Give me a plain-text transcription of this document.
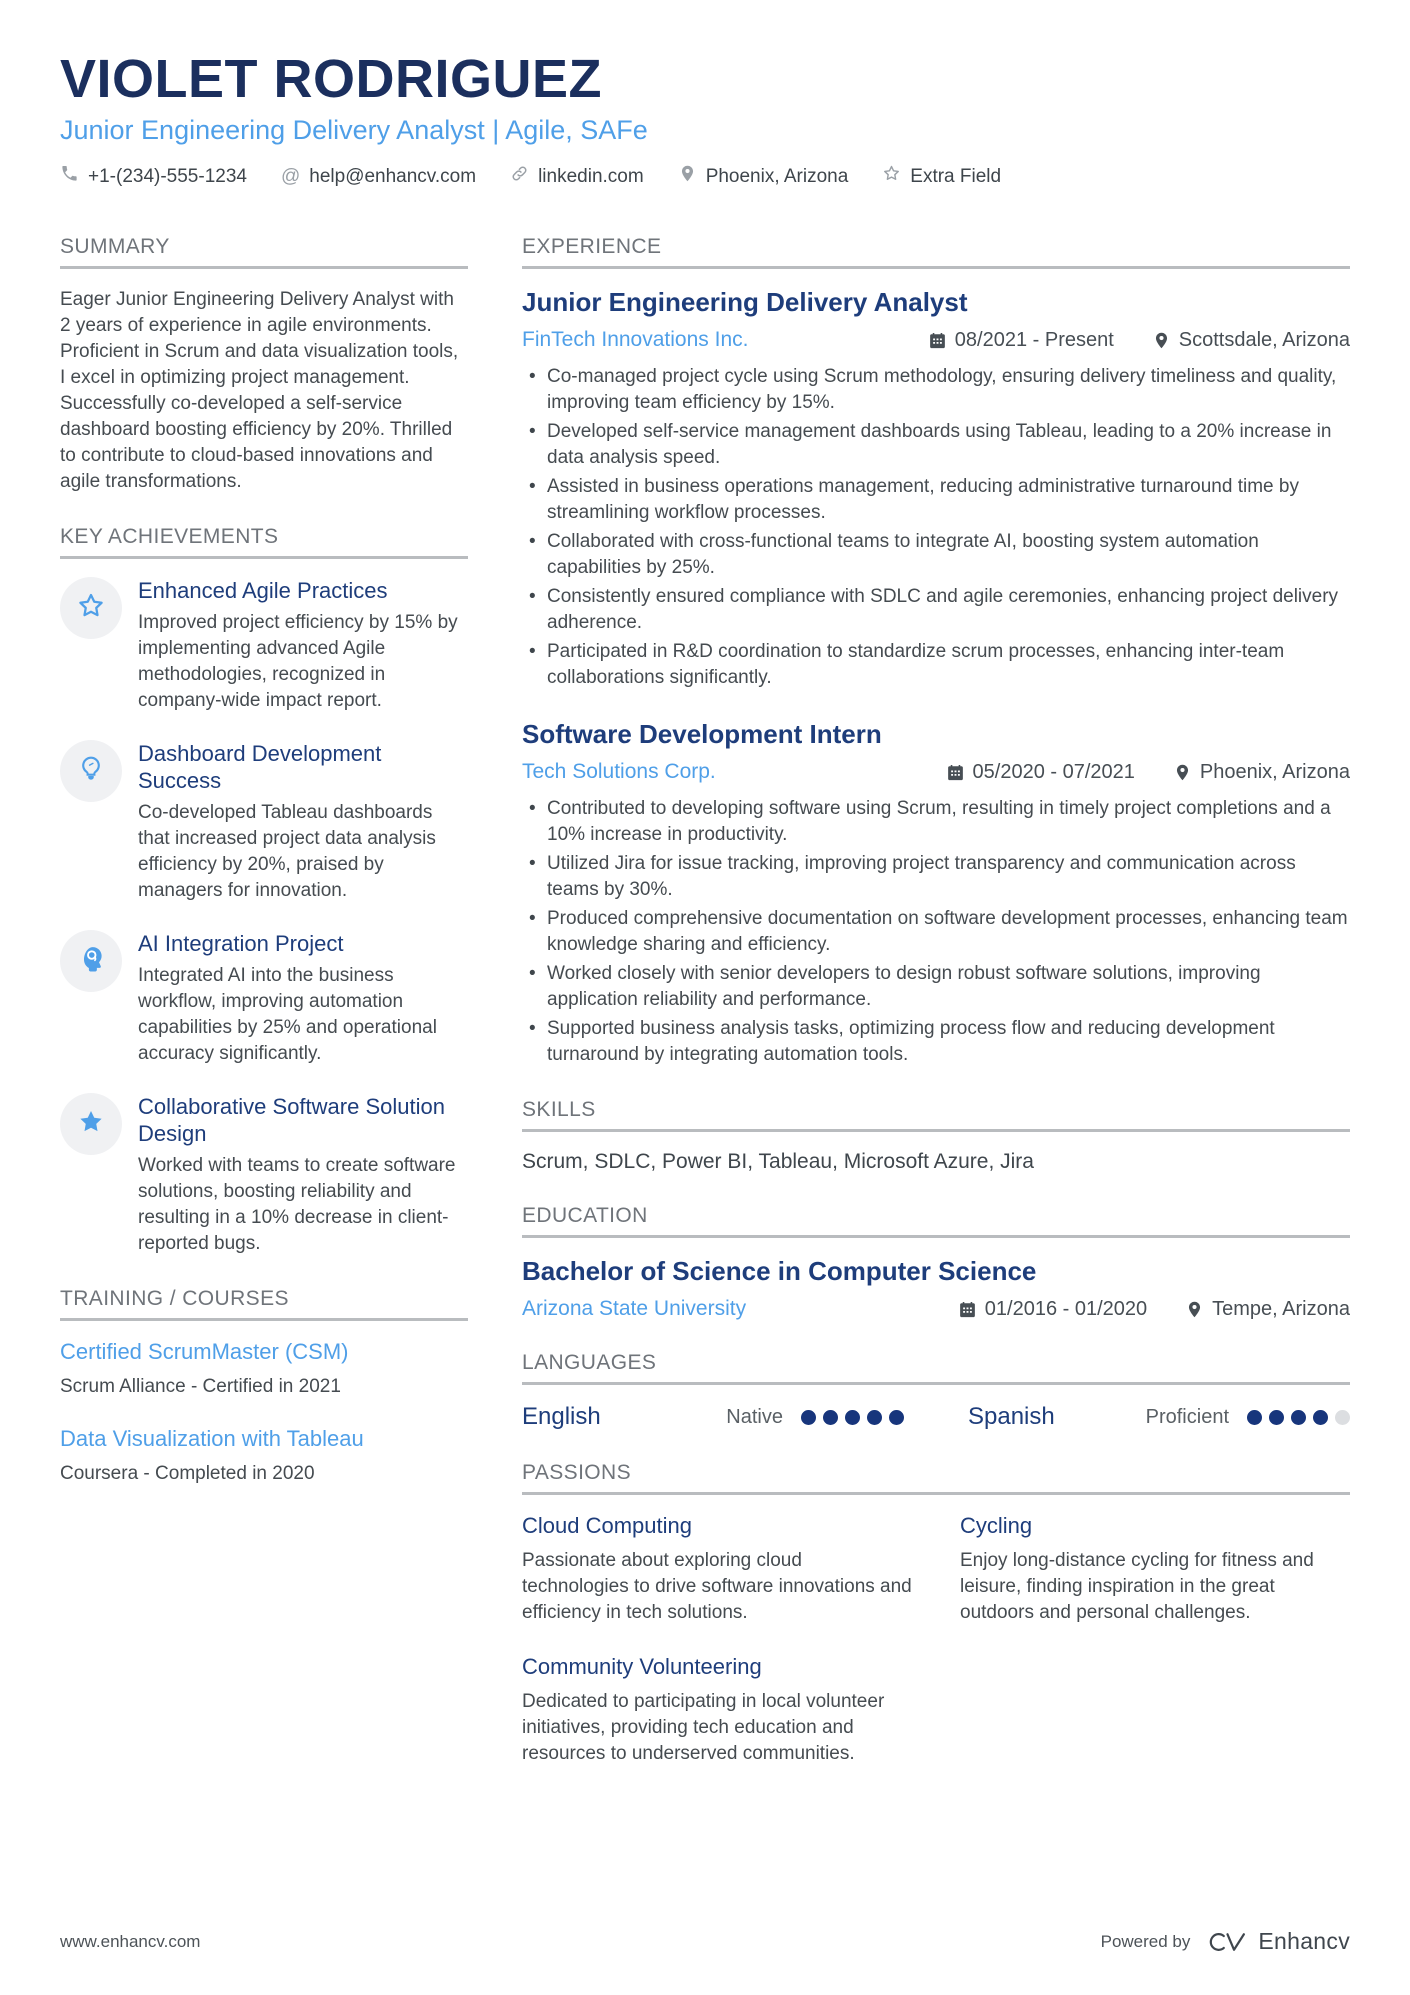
VIOLET RODRIGUEZ
Junior Engineering Delivery Analyst | Agile, SAFe
+1-(234)-555-1234 @ help@enhancv.com	linkedin.com	Phoenix, Arizona	Extra Field
SUMMARY

Eager Junior Engineering Delivery Analyst with 2 years of experience in agile environments. Proficient in Scrum and data visualization tools, I excel in optimizing project management. Successfully co-developed a self-service dashboard boosting efficiency by 20%. Thrilled to contribute to cloud-based innovations and agile transformations.

KEY ACHIEVEMENTS
Enhanced Agile Practices
Improved project efficiency by 15% by implementing advanced Agile methodologies, recognized in company-wide impact report.
Dashboard Development Success
Co-developed Tableau dashboards that increased project data analysis efficiency by 20%, praised by managers for innovation.
AI Integration Project
Integrated AI into the business workflow, improving automation capabilities by 25% and operational accuracy significantly.
Collaborative Software Solution Design
Worked with teams to create software solutions, boosting reliability and resulting in a 10% decrease in client-reported bugs.
TRAINING / COURSES
Certified ScrumMaster (CSM)
Scrum Alliance - Certified in 2021
Data Visualization with Tableau
Coursera - Completed in 2020
EXPERIENCE
Junior Engineering Delivery Analyst
FinTech Innovations Inc.	08/2021 - Present	Scottsdale, Arizona
• Co-managed project cycle using Scrum methodology, ensuring delivery timeliness and quality, improving team efficiency by 15%.
• Developed self-service management dashboards using Tableau, leading to a 20% increase in data analysis speed.
• Assisted in business operations management, reducing administrative turnaround time by streamlining workflow processes.
• Collaborated with cross-functional teams to integrate AI, boosting system automation capabilities by 25%.
• Consistently ensured compliance with SDLC and agile ceremonies, enhancing project delivery adherence.
• Participated in R&D coordination to standardize scrum processes, enhancing inter-team collaborations significantly.
Software Development Intern
Tech Solutions Corp.	05/2020 - 07/2021	Phoenix, Arizona
• Contributed to developing software using Scrum, resulting in timely project completions and a 10% increase in productivity.
• Utilized Jira for issue tracking, improving project transparency and communication across teams by 30%.
• Produced comprehensive documentation on software development processes, enhancing team knowledge sharing and efficiency.
• Worked closely with senior developers to design robust software solutions, improving application reliability and performance.
• Supported business analysis tasks, optimizing process flow and reducing development turnaround by integrating automation tools.
SKILLS

Scrum, SDLC, Power BI, Tableau, Microsoft Azure, Jira

EDUCATION
Bachelor of Science in Computer Science
Arizona State University	01/2016 - 01/2020	Tempe, Arizona
LANGUAGES
English	Native	Spanish	Proficient
PASSIONS
Cloud Computing
Passionate about exploring cloud technologies to drive software innovations and efficiency in tech solutions.
Cycling
Enjoy long-distance cycling for fitness and leisure, finding inspiration in the great outdoors and personal challenges.
Community Volunteering
Dedicated to participating in local volunteer initiatives, providing tech education and resources to underserved communities.
www.enhancv.com	Powered by	Enhancv
